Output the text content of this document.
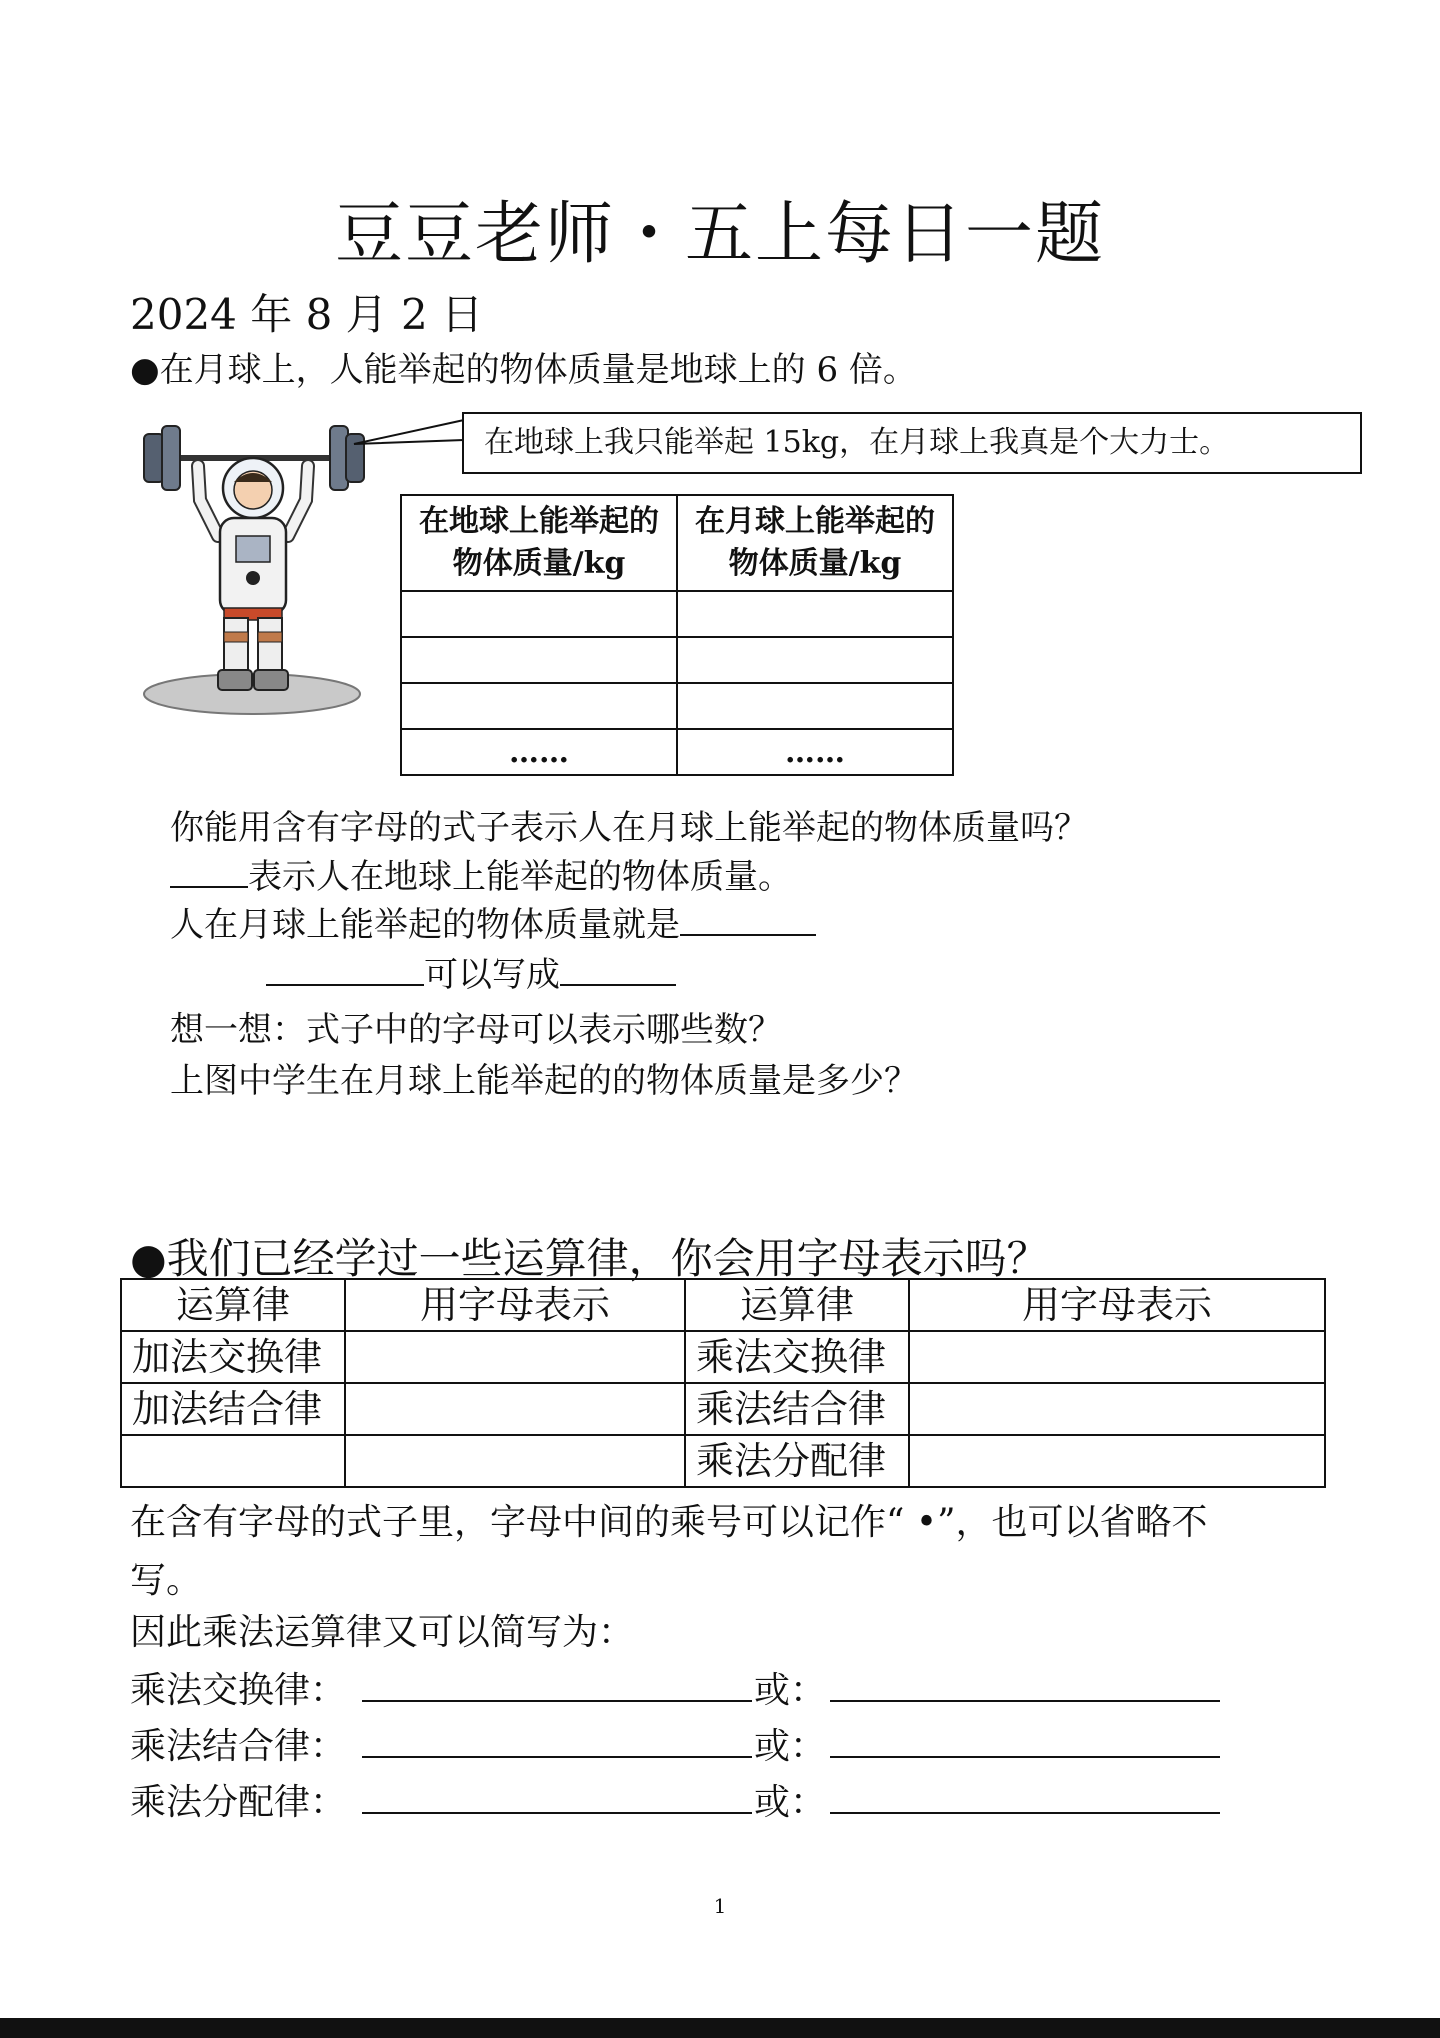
豆豆老师・五上每日一题
2024 年 8 月 2 日
●在月球上，人能举起的物体质量是地球上的 6 倍。
在地球上我只能举起 15kg，在月球上我真是个大力士。
在地球上能举起的物体质量/kg	在月球上能举起的物体质量/kg

……	……
你能用含有字母的式子表示人在月球上能举起的物体质量吗？
表示人在地球上能举起的物体质量。
人在月球上能举起的物体质量就是
可以写成
想一想：式子中的字母可以表示哪些数？
上图中学生在月球上能举起的的物体质量是多少？
●我们已经学过一些运算律，你会用字母表示吗？
运算律	用字母表示	运算律	用字母表示
加法交换律		乘法交换律	
加法结合律		乘法结合律	
		乘法分配律	
在含有字母的式子里，字母中间的乘号可以记作“ •”，也可以省略不
写。
因此乘法运算律又可以简写为：
乘法交换律：	或：
乘法结合律：	或：
乘法分配律：	或：
1
